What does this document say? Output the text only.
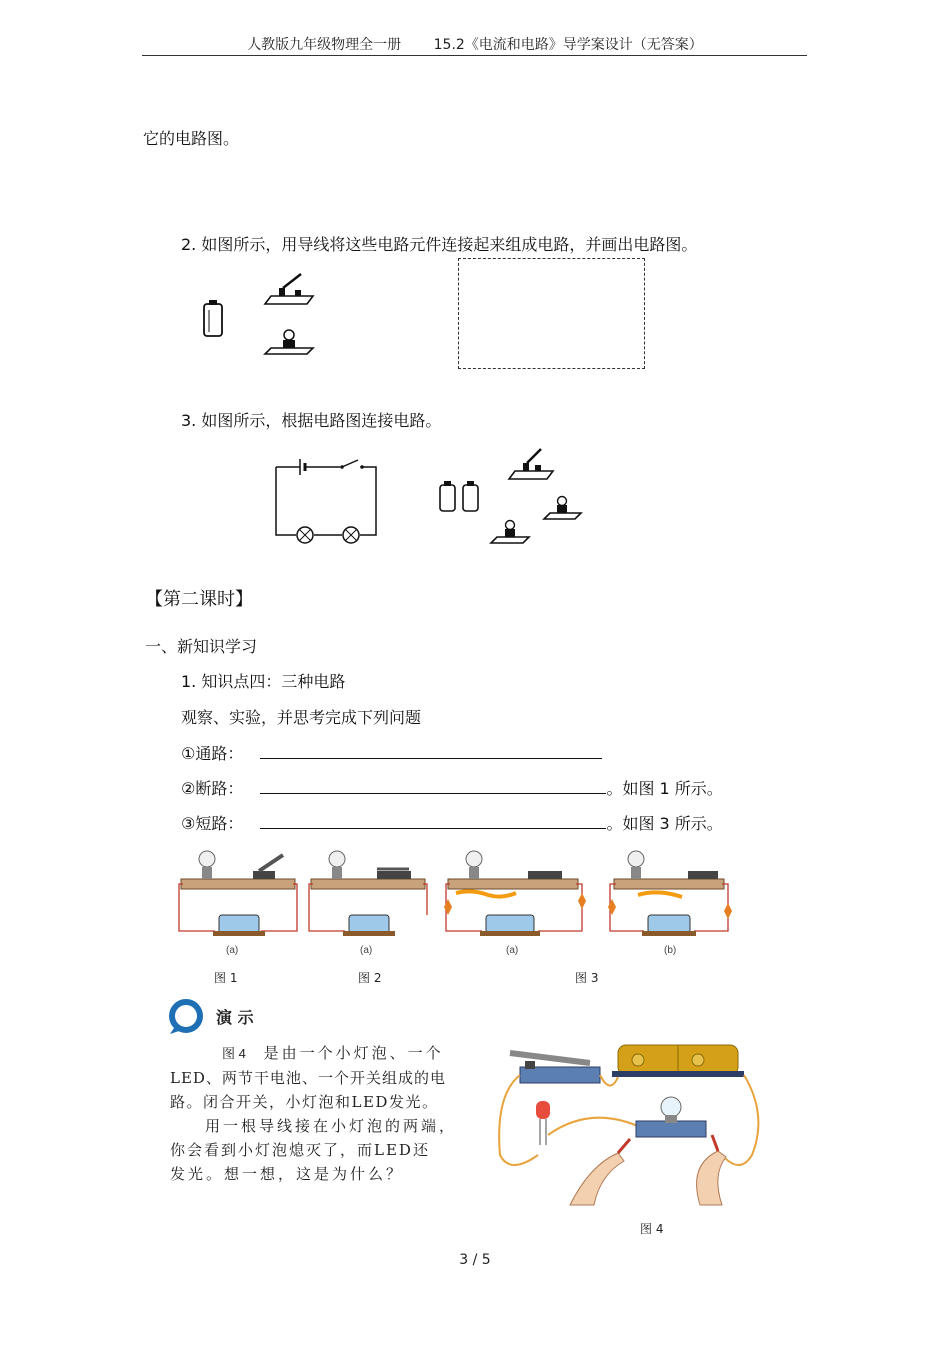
人教版九年级物理全一册 15.2《电流和电路》导学案设计（无答案）
它的电路图。
2. 如图所示，用导线将这些电路元件连接起来组成电路，并画出电路图。
3. 如图所示，根据电路图连接电路。
【第二课时】
一、新知识学习
1. 知识点四：三种电路
观察、实验，并思考完成下列问题
①通路：
②断路：	。如图 1 所示。
③短路：	。如图 3 所示。
(a)	(a)	(a)	(b)
图 1	图 2	图 3
演 示
图 4 是由一个小灯泡、一个
LED、两节干电池、一个开关组成的电
路。闭合开关，小灯泡和LED发光。
用一根导线接在小灯泡的两端，
你会看到小灯泡熄灭了，而LED还
发光。想一想，这是为什么？
图 4
3 / 5
